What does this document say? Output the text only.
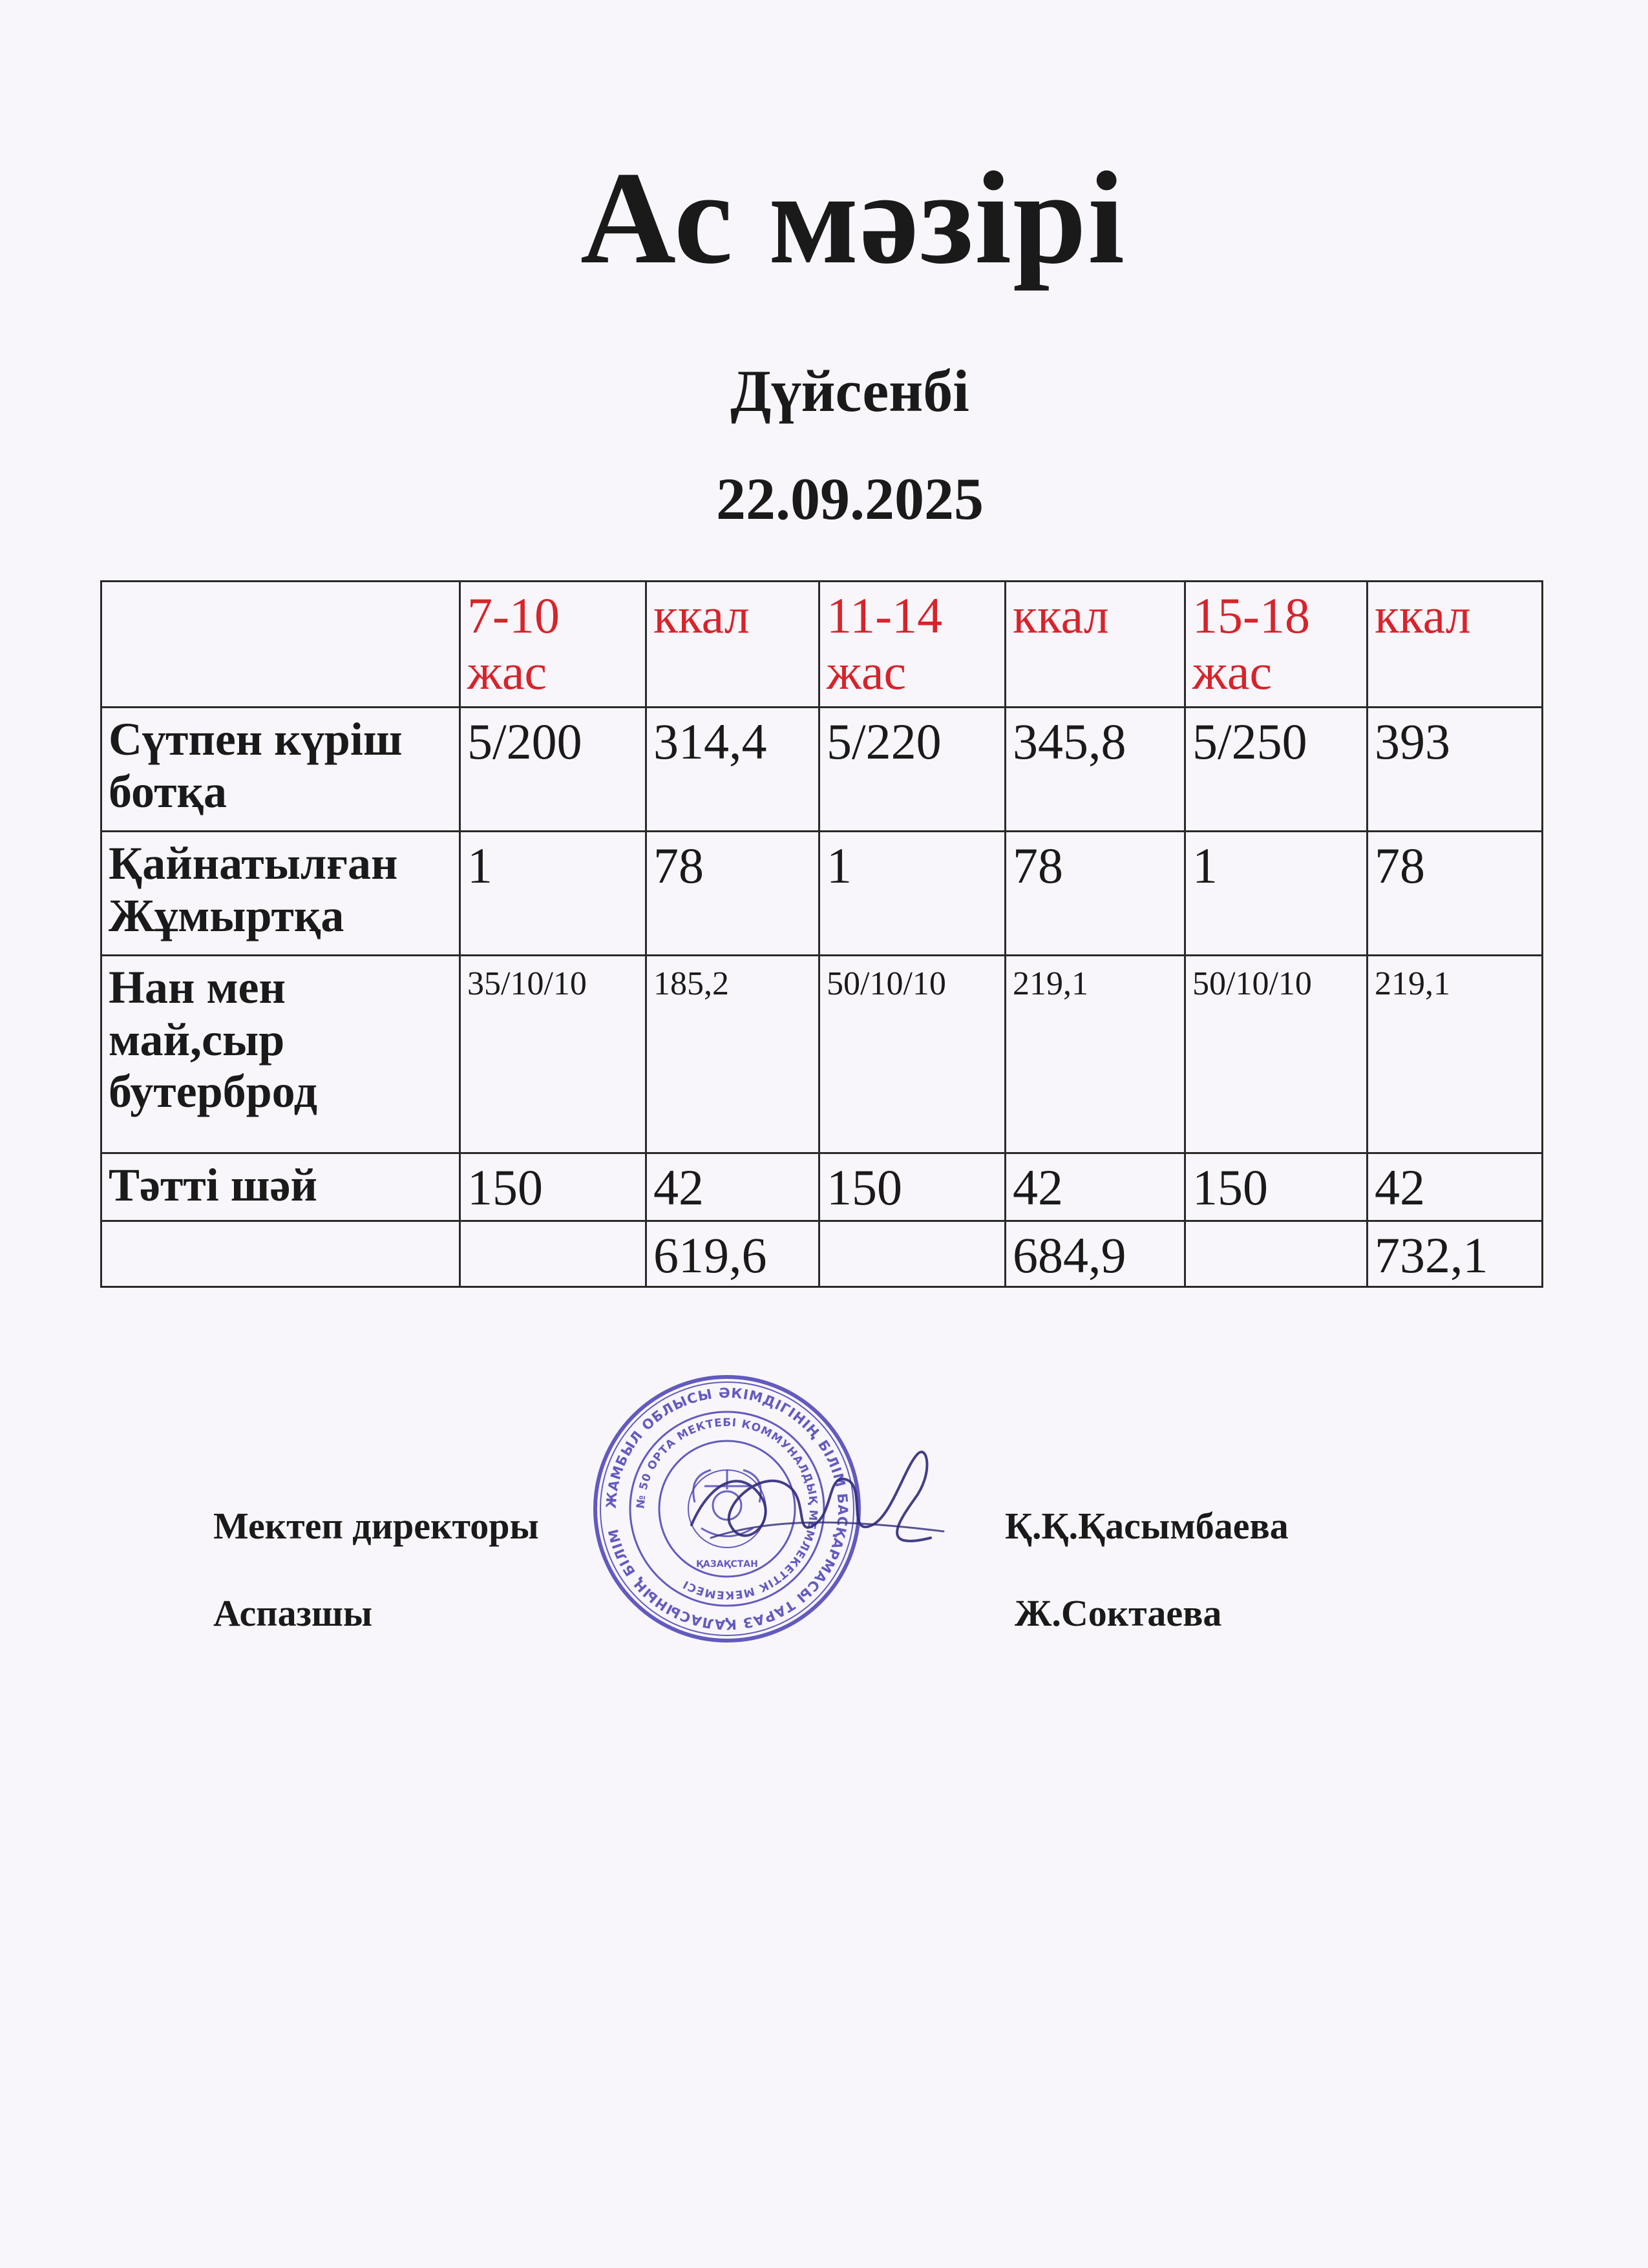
Ас мәзірі
Дүйсенбі
22.09.2025
	7-10 жас	ккал	11-14 жас	ккал	15-18 жас	ккал
Сүтпен күріш ботқа	5/200	314,4	5/220	345,8	5/250	393
Қайнатылған Жұмыртқа	1	78	1	78	1	78
Нан мен май,сыр бутерброд	35/10/10	185,2	50/10/10	219,1	50/10/10	219,1
Тәтті шәй	150	42	150	42	150	42
		619,6		684,9		732,1
ЖАМБЫЛ ОБЛЫСЫ ӘКІМДІГІНІҢ БІЛІМ БАСҚАРМАСЫ ТАРАЗ ҚАЛАСЫНЫҢ БІЛІМ
№ 50 ОРТА МЕКТЕБІ КОММУНАЛДЫҚ МЕМЛЕКЕТТІК МЕКЕМЕСІ
ҚАЗАҚСТАН
Мектеп директоры	Қ.Қ.Қасымбаева
Аспазшы	Ж.Соктаева
